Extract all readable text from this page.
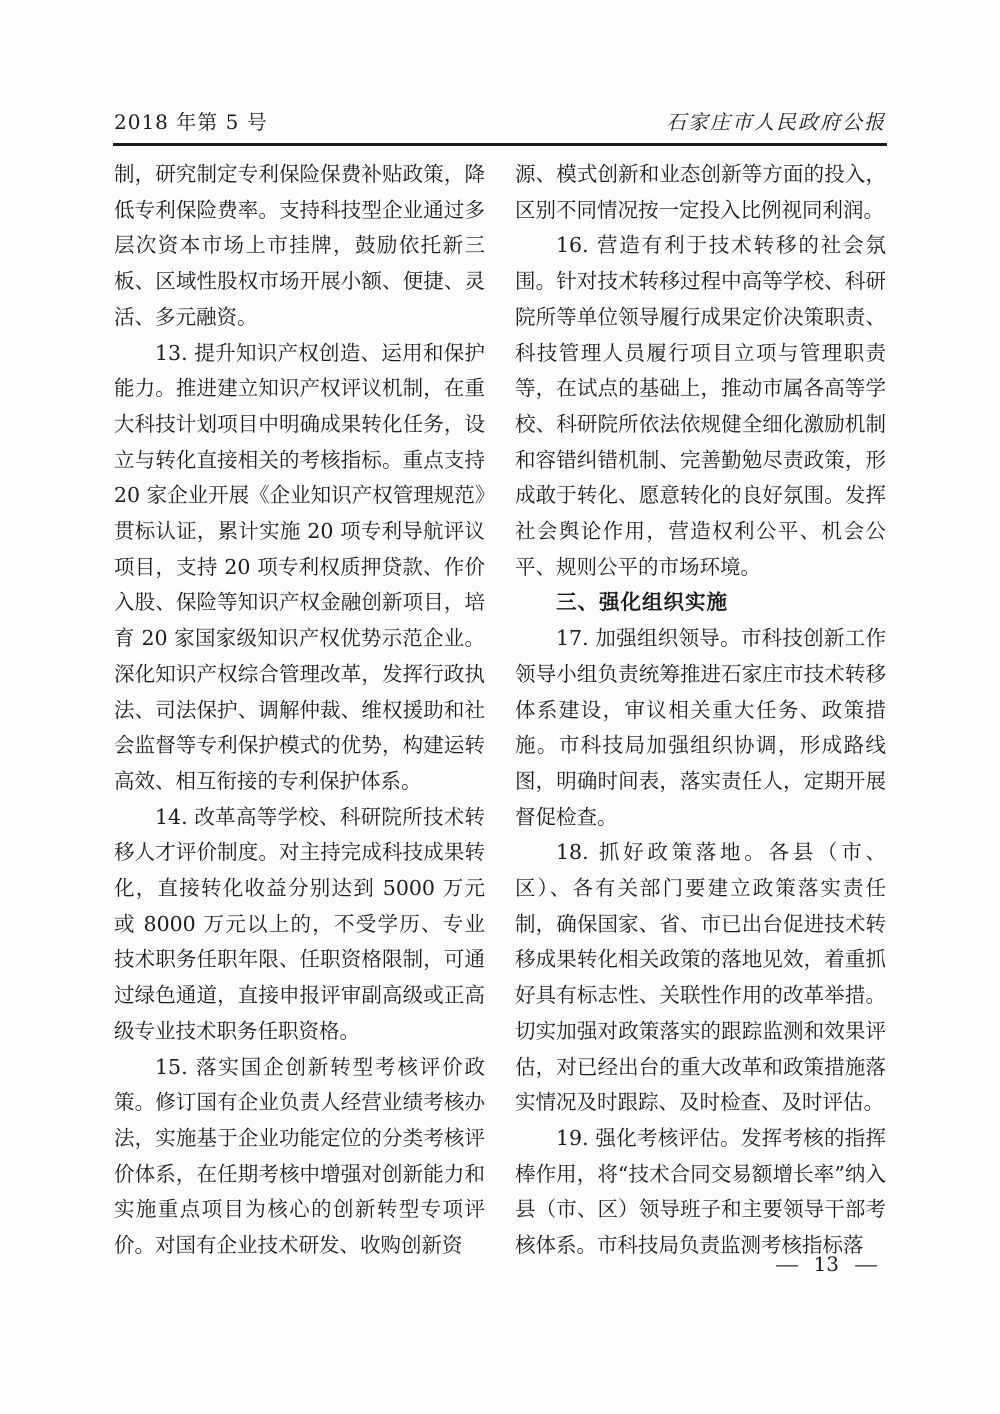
2018 年第 5 号	石家庄市人民政府公报

制，研究制定专利保险保费补贴政策，降低专利保险费率。支持科技型企业通过多层次资本市场上市挂牌，鼓励依托新三板、区域性股权市场开展小额、便捷、灵活、多元融资。

13. 提升知识产权创造、运用和保护能力。推进建立知识产权评议机制，在重大科技计划项目中明确成果转化任务，设立与转化直接相关的考核指标。重点支持 20 家企业开展《企业知识产权管理规范》贯标认证，累计实施 20 项专利导航评议项目，支持 20 项专利权质押贷款、作价入股、保险等知识产权金融创新项目，培育 20 家国家级知识产权优势示范企业。深化知识产权综合管理改革，发挥行政执法、司法保护、调解仲裁、维权援助和社会监督等专利保护模式的优势，构建运转高效、相互衔接的专利保护体系。

14. 改革高等学校、科研院所技术转移人才评价制度。对主持完成科技成果转化，直接转化收益分别达到 5000 万元或 8000 万元以上的，不受学历、专业技术职务任职年限、任职资格限制，可通过绿色通道，直接申报评审副高级或正高级专业技术职务任职资格。

15. 落实国企创新转型考核评价政策。修订国有企业负责人经营业绩考核办法，实施基于企业功能定位的分类考核评价体系，在任期考核中增强对创新能力和实施重点项目为核心的创新转型专项评价。对国有企业技术研发、收购创新资

源、模式创新和业态创新等方面的投入，区别不同情况按一定投入比例视同利润。

16. 营造有利于技术转移的社会氛围。针对技术转移过程中高等学校、科研院所等单位领导履行成果定价决策职责、科技管理人员履行项目立项与管理职责等，在试点的基础上，推动市属各高等学校、科研院所依法依规健全细化激励机制和容错纠错机制、完善勤勉尽责政策，形成敢于转化、愿意转化的良好氛围。发挥社会舆论作用，营造权利公平、机会公平、规则公平的市场环境。

三、强化组织实施

17. 加强组织领导。市科技创新工作领导小组负责统筹推进石家庄市技术转移体系建设，审议相关重大任务、政策措施。市科技局加强组织协调，形成路线图，明确时间表，落实责任人，定期开展督促检查。

18. 抓好政策落地。各县（市、区）、各有关部门要建立政策落实责任制，确保国家、省、市已出台促进技术转移成果转化相关政策的落地见效，着重抓好具有标志性、关联性作用的改革举措。切实加强对政策落实的跟踪监测和效果评估，对已经出台的重大改革和政策措施落实情况及时跟踪、及时检查、及时评估。

19. 强化考核评估。发挥考核的指挥棒作用，将“技术合同交易额增长率”纳入县（市、区）领导班子和主要领导干部考核体系。市科技局负责监测考核指标落

— 13 —
